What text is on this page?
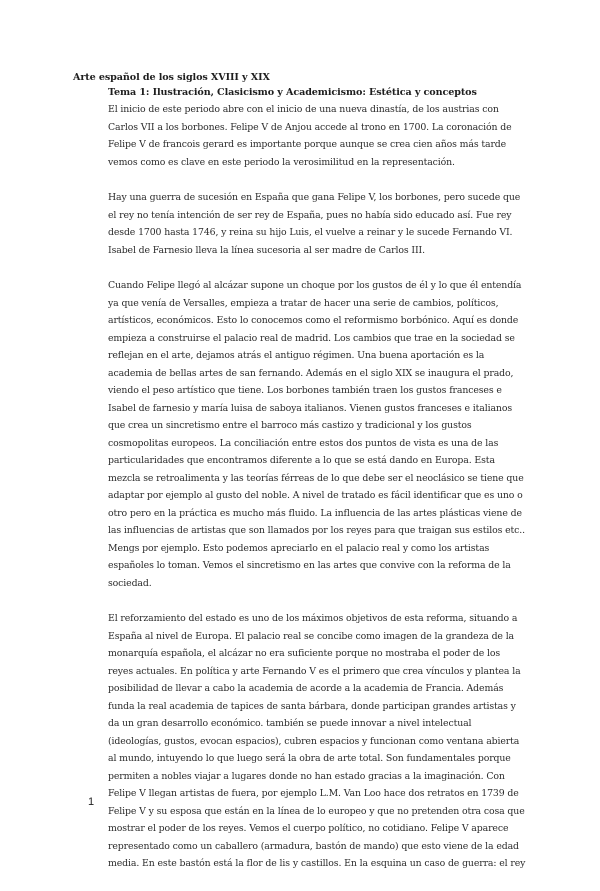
Arte español de los siglos XVIII y XIX
Tema 1: Ilustración, Clasicismo y Academicismo: Estética y conceptos
El inicio de este periodo abre con el inicio de una nueva dinastía, de los austrias con
Carlos VII a los borbones. Felipe V de Anjou accede al trono en 1700. La coronación de
Felipe V de francois gerard es importante porque aunque se crea cien años más tarde
vemos como es clave en este periodo la verosimilitud en la representación.
Hay una guerra de sucesión en España que gana Felipe V, los borbones, pero sucede que
el rey no tenía intención de ser rey de España, pues no había sido educado así. Fue rey
desde 1700 hasta 1746, y reina su hijo Luis, el vuelve a reinar y le sucede Fernando VI.
Isabel de Farnesio lleva la línea sucesoria al ser madre de Carlos III.
Cuando Felipe llegó al alcázar supone un choque por los gustos de él y lo que él entendía
ya que venía de Versalles, empieza a tratar de hacer una serie de cambios, políticos,
artísticos, económicos. Esto lo conocemos como el reformismo borbónico. Aquí es donde
empieza a construirse el palacio real de madrid. Los cambios que trae en la sociedad se
reflejan en el arte, dejamos atrás el antiguo régimen. Una buena aportación es la
academia de bellas artes de san fernando. Además en el siglo XIX se inaugura el prado,
viendo el peso artístico que tiene. Los borbones también traen los gustos franceses e
Isabel de farnesio y maría luisa de saboya italianos. Vienen gustos franceses e italianos
que crea un sincretismo entre el barroco más castizo y tradicional y los gustos
cosmopolitas europeos. La conciliación entre estos dos puntos de vista es una de las
particularidades que encontramos diferente a lo que se está dando en Europa. Esta
mezcla se retroalimenta y las teorías férreas de lo que debe ser el neoclásico se tiene que
adaptar por ejemplo al gusto del noble. A nivel de tratado es fácil identificar que es uno o
otro pero en la práctica es mucho más fluido. La influencia de las artes plásticas viene de
las influencias de artistas que son llamados por los reyes para que traigan sus estilos etc..
Mengs por ejemplo. Esto podemos apreciarlo en el palacio real y como los artistas
españoles lo toman. Vemos el sincretismo en las artes que convive con la reforma de la
sociedad.
El reforzamiento del estado es uno de los máximos objetivos de esta reforma, situando a
España al nivel de Europa. El palacio real se concibe como imagen de la grandeza de la
monarquía española, el alcázar no era suficiente porque no mostraba el poder de los
reyes actuales. En política y arte Fernando V es el primero que crea vínculos y plantea la
posibilidad de llevar a cabo la academia de acorde a la academia de Francia. Además
funda la real academia de tapices de santa bárbara, donde participan grandes artistas y
da un gran desarrollo económico. también se puede innovar a nivel intelectual
(ideologías, gustos, evocan espacios), cubren espacios y funcionan como ventana abierta
al mundo, intuyendo lo que luego será la obra de arte total. Son fundamentales porque
permiten a nobles viajar a lugares donde no han estado gracias a la imaginación. Con
Felipe V llegan artistas de fuera, por ejemplo L.M. Van Loo hace dos retratos en 1739 de
Felipe V y su esposa que están en la línea de lo europeo y que no pretenden otra cosa que
mostrar el poder de los reyes. Vemos el cuerpo político, no cotidiano. Felipe V aparece
representado como un caballero (armadura, bastón de mando) que esto viene de la edad
media. En este bastón está la flor de lis y castillos. En la esquina un caso de guerra: el rey
1
